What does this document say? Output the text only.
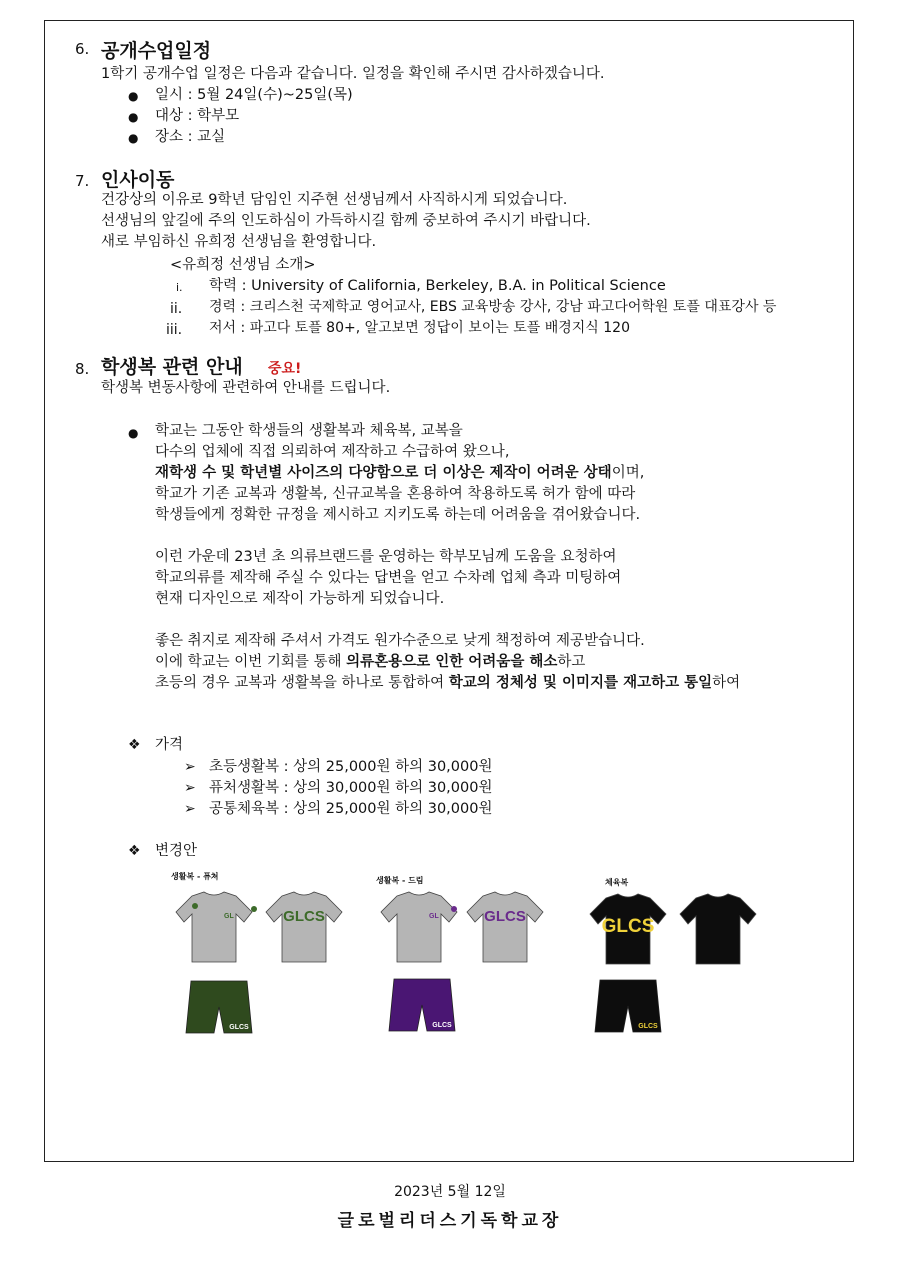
6. 공개수업일정
1학기 공개수업 일정은 다음과 같습니다. 일정을 확인해 주시면 감사하겠습니다.
● 일시 : 5월 24일(수)~25일(목)
● 대상 : 학부모
● 장소 : 교실
7. 인사이동
건강상의 이유로 9학년 담임인 지주현 선생님께서 사직하시게 되었습니다.
선생님의 앞길에 주의 인도하심이 가득하시길 함께 중보하여 주시기 바랍니다.
새로 부임하신 유희정 선생님을 환영합니다.
<유희정 선생님 소개>
i. 학력 : University of California, Berkeley, B.A. in Political Science
ii. 경력 : 크리스천 국제학교 영어교사, EBS 교육방송 강사, 강남 파고다어학원 토플 대표강사 등
iii. 저서 : 파고다 토플 80+, 알고보면 정답이 보이는 토플 배경지식 120
8. 학생복 관련 안내 중요!
학생복 변동사항에 관련하여 안내를 드립니다.
● 학교는 그동안 학생들의 생활복과 체육복, 교복을
다수의 업체에 직접 의뢰하여 제작하고 수급하여 왔으나,
재학생 수 및 학년별 사이즈의 다양함으로 더 이상은 제작이 어려운 상태이며,
학교가 기존 교복과 생활복, 신규교복을 혼용하여 착용하도록 허가 함에 따라
학생들에게 정확한 규정을 제시하고 지키도록 하는데 어려움을 겪어왔습니다.
이런 가운데 23년 초 의류브랜드를 운영하는 학부모님께 도움을 요청하여
학교의류를 제작해 주실 수 있다는 답변을 얻고 수차례 업체 측과 미팅하여
현재 디자인으로 제작이 가능하게 되었습니다.
좋은 취지로 제작해 주셔서 가격도 원가수준으로 낮게 책정하여 제공받습니다.
이에 학교는 이번 기회를 통해 의류혼용으로 인한 어려움을 해소하고
초등의 경우 교복과 생활복을 하나로 통합하여 학교의 정체성 및 이미지를 재고하고 통일하여
❖ 가격
➢ 초등생활복 : 상의 25,000원 하의 30,000원
➢ 퓨처생활복 : 상의 30,000원 하의 30,000원
➢ 공통체육복 : 상의 25,000원 하의 30,000원
❖ 변경안
생활복 - 퓨쳐	생활복 - 드림	체육복
GL	GLCS
GLCS
GL	GLCS
GLCS
GLCS
GLCS
2023년 5월 12일
글로벌리더스기독학교장
